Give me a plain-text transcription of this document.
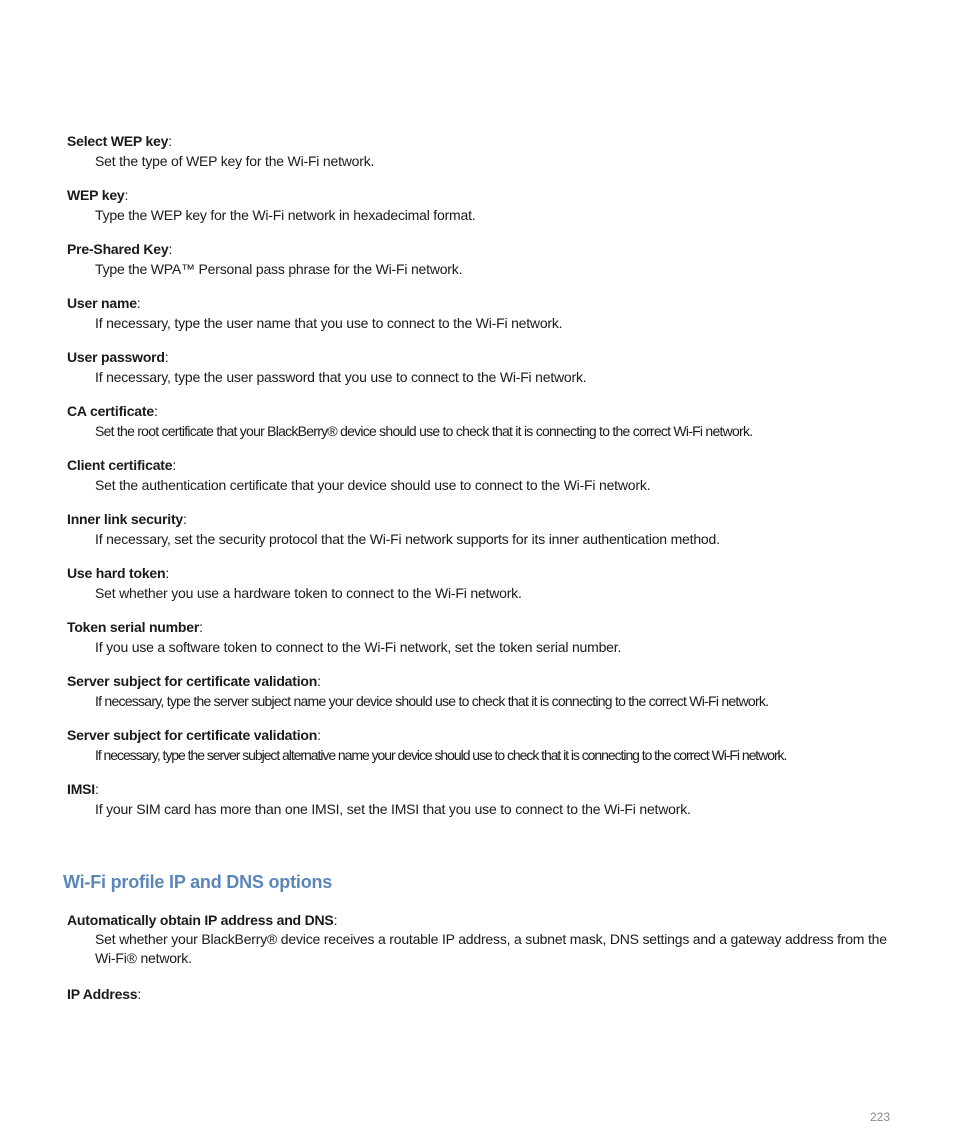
Select WEP key:
Set the type of WEP key for the Wi-Fi network.
WEP key:
Type the WEP key for the Wi-Fi network in hexadecimal format.
Pre-Shared Key:
Type the WPA™ Personal pass phrase for the Wi-Fi network.
User name:
If necessary, type the user name that you use to connect to the Wi-Fi network.
User password:
If necessary, type the user password that you use to connect to the Wi-Fi network.
CA certificate:
Set the root certificate that your BlackBerry® device should use to check that it is connecting to the correct Wi-Fi network.
Client certificate:
Set the authentication certificate that your device should use to connect to the Wi-Fi network.
Inner link security:
If necessary, set the security protocol that the Wi-Fi network supports for its inner authentication method.
Use hard token:
Set whether you use a hardware token to connect to the Wi-Fi network.
Token serial number:
If you use a software token to connect to the Wi-Fi network, set the token serial number.
Server subject for certificate validation:
If necessary, type the server subject name your device should use to check that it is connecting to the correct Wi-Fi network.
Server subject for certificate validation:
If necessary, type the server subject alternative name your device should use to check that it is connecting to the correct Wi-Fi network.
IMSI:
If your SIM card has more than one IMSI, set the IMSI that you use to connect to the Wi-Fi network.
Wi-Fi profile IP and DNS options
Automatically obtain IP address and DNS:
Set whether your BlackBerry® device receives a routable IP address, a subnet mask, DNS settings and a gateway address from the Wi-Fi® network.
IP Address:
223
